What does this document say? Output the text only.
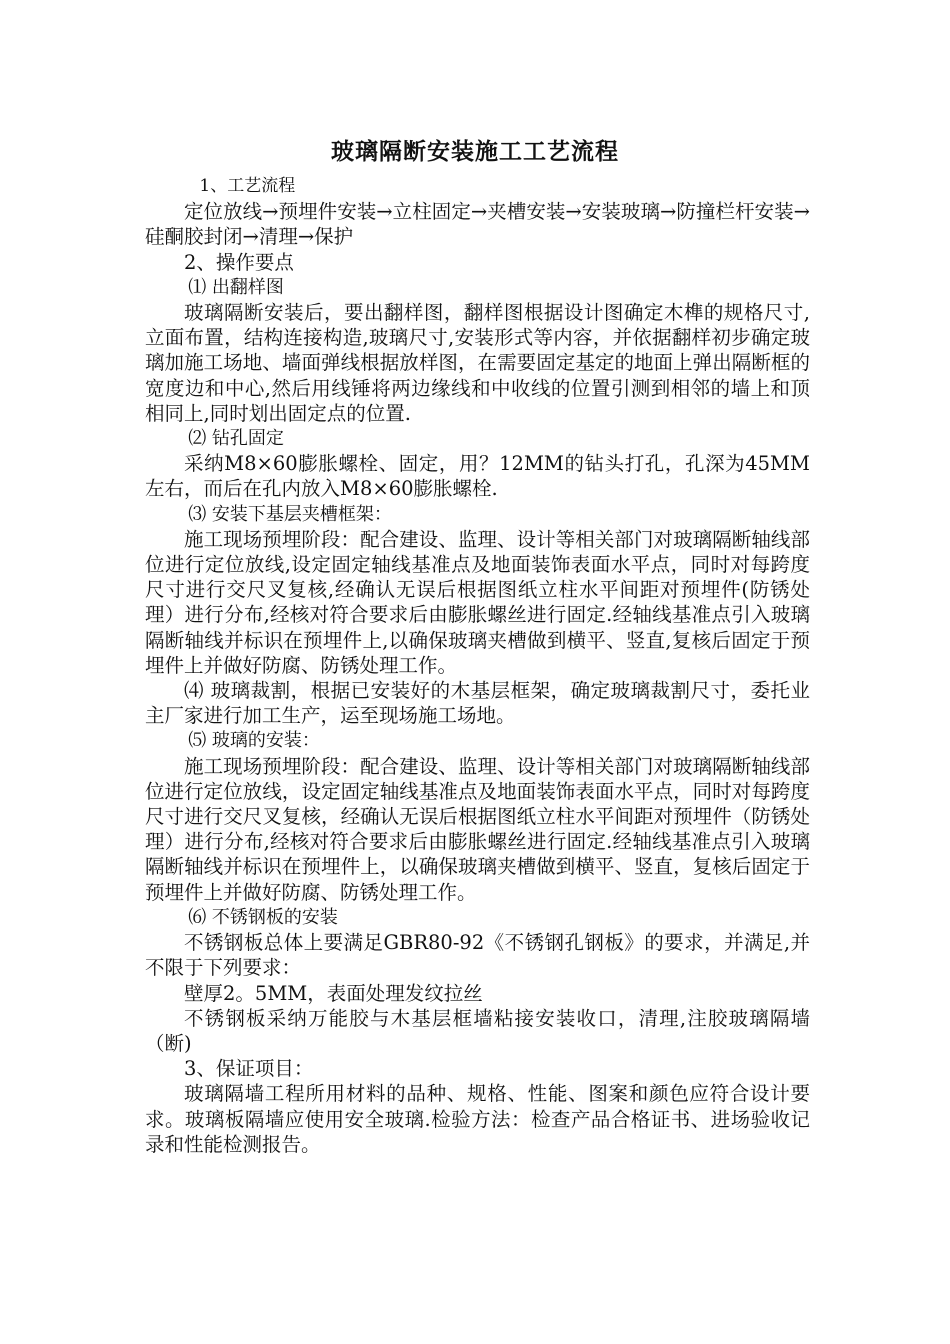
玻璃隔断安装施工工艺流程

1、工艺流程

定位放线→预埋件安装→立柱固定→夹槽安装→安装玻璃→防撞栏杆安装→硅酮胶封闭→清理→保护

2、操作要点

⑴ 出翻样图

玻璃隔断安装后，要出翻样图，翻样图根据设计图确定木榫的规格尺寸,立面布置，结构连接构造,玻璃尺寸,安装形式等内容，并依据翻样初步确定玻璃加施工场地、墙面弹线根据放样图，在需要固定基定的地面上弹出隔断框的宽度边和中心,然后用线锤将两边缘线和中收线的位置引测到相邻的墙上和顶相同上,同时划出固定点的位置.

⑵ 钻孔固定

采纳M8×60膨胀螺栓、固定，用？12MM的钻头打孔，孔深为45MM左右，而后在孔内放入M8×60膨胀螺栓.

⑶ 安装下基层夹槽框架：

施工现场预埋阶段：配合建设、监理、设计等相关部门对玻璃隔断轴线部位进行定位放线,设定固定轴线基准点及地面装饰表面水平点，同时对每跨度尺寸进行交尺叉复核,经确认无误后根据图纸立柱水平间距对预埋件(防锈处理）进行分布,经核对符合要求后由膨胀螺丝进行固定.经轴线基准点引入玻璃隔断轴线并标识在预埋件上,以确保玻璃夹槽做到横平、竖直,复核后固定于预埋件上并做好防腐、防锈处理工作。

⑷ 玻璃裁割，根据已安装好的木基层框架，确定玻璃裁割尺寸，委托业主厂家进行加工生产，运至现场施工场地。

⑸ 玻璃的安装：

施工现场预埋阶段：配合建设、监理、设计等相关部门对玻璃隔断轴线部位进行定位放线，设定固定轴线基准点及地面装饰表面水平点，同时对每跨度尺寸进行交尺叉复核，经确认无误后根据图纸立柱水平间距对预埋件（防锈处理）进行分布,经核对符合要求后由膨胀螺丝进行固定.经轴线基准点引入玻璃隔断轴线并标识在预埋件上，以确保玻璃夹槽做到横平、竖直，复核后固定于预埋件上并做好防腐、防锈处理工作。

⑹ 不锈钢板的安装

不锈钢板总体上要满足GBR80-92《不锈钢孔钢板》的要求，并满足,并不限于下列要求：

壁厚2。5MM，表面处理发纹拉丝

不锈钢板采纳万能胶与木基层框墙粘接安装收口，清理,注胶玻璃隔墙（断)

3、保证项目：

玻璃隔墙工程所用材料的品种、规格、性能、图案和颜色应符合设计要求。玻璃板隔墙应使用安全玻璃.检验方法：检查产品合格证书、进场验收记录和性能检测报告。
